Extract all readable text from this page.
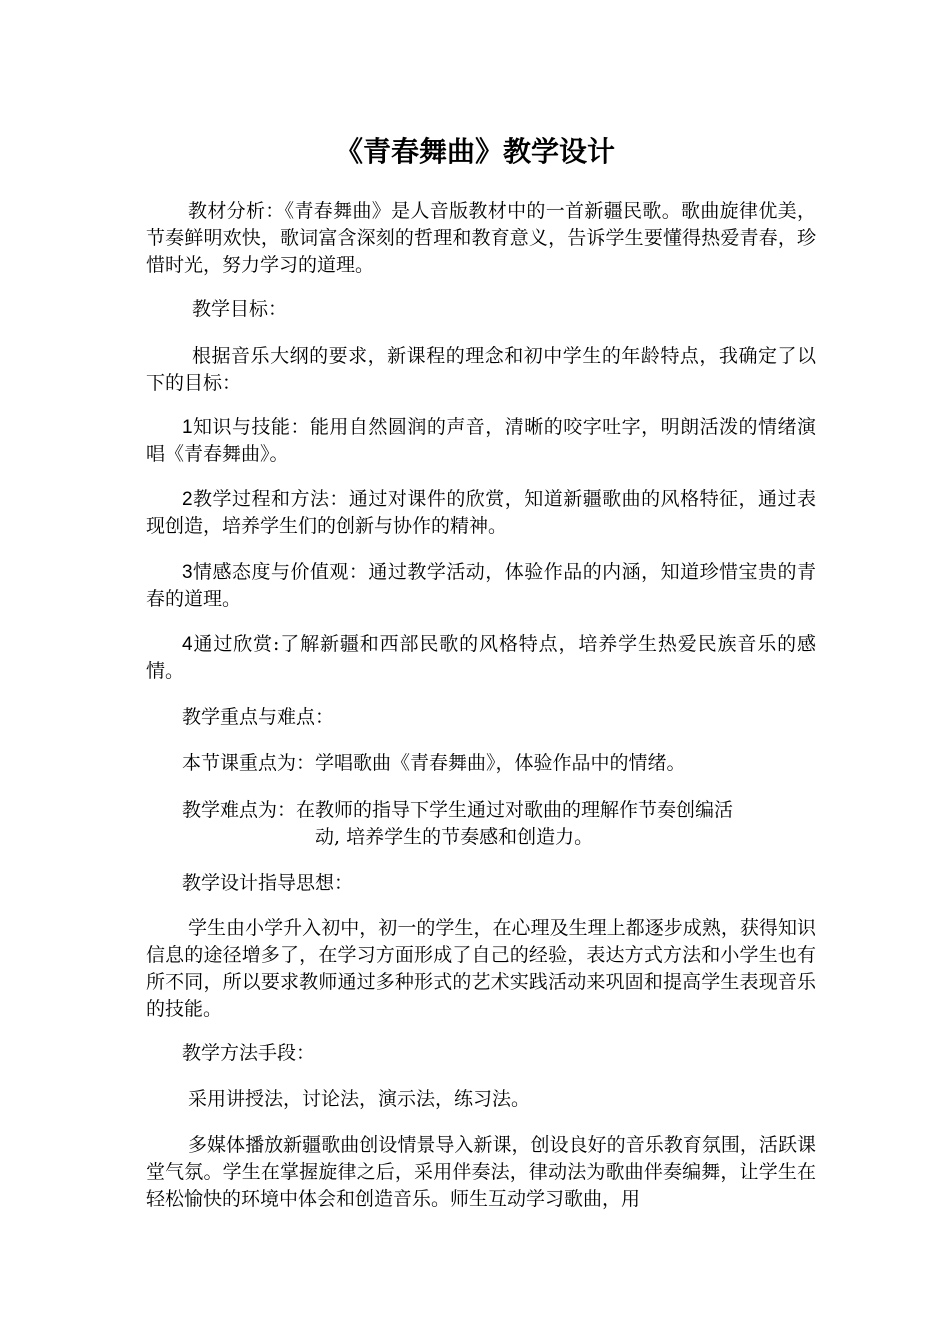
《青春舞曲》教学设计

教材分析：《青春舞曲》是人音版教材中的一首新疆民歌。歌曲旋律优美，节奏鲜明欢快，歌词富含深刻的哲理和教育意义，告诉学生要懂得热爱青春，珍惜时光，努力学习的道理。

教学目标：

根据音乐大纲的要求，新课程的理念和初中学生的年龄特点，我确定了以下的目标：

1知识与技能：能用自然圆润的声音，清晰的咬字吐字，明朗活泼的情绪演唱《青春舞曲》。

2教学过程和方法：通过对课件的欣赏，知道新疆歌曲的风格特征，通过表现创造，培养学生们的创新与协作的精神。

3情感态度与价值观：通过教学活动，体验作品的内涵，知道珍惜宝贵的青春的道理。

4通过欣赏:了解新疆和西部民歌的风格特点，培养学生热爱民族音乐的感情。

教学重点与难点：

本节课重点为：学唱歌曲《青春舞曲》，体验作品中的情绪。

教学难点为：在教师的指导下学生通过对歌曲的理解作节奏创编活

动, 培养学生的节奏感和创造力。

教学设计指导思想：

学生由小学升入初中，初一的学生，在心理及生理上都逐步成熟，获得知识信息的途径增多了，在学习方面形成了自己的经验，表达方式方法和小学生也有所不同，所以要求教师通过多种形式的艺术实践活动来巩固和提高学生表现音乐的技能。

教学方法手段：

采用讲授法，讨论法，演示法，练习法。

多媒体播放新疆歌曲创设情景导入新课，创设良好的音乐教育氛围，活跃课堂气氛。学生在掌握旋律之后，采用伴奏法，律动法为歌曲伴奏编舞，让学生在轻松愉快的环境中体会和创造音乐。师生互动学习歌曲，用
